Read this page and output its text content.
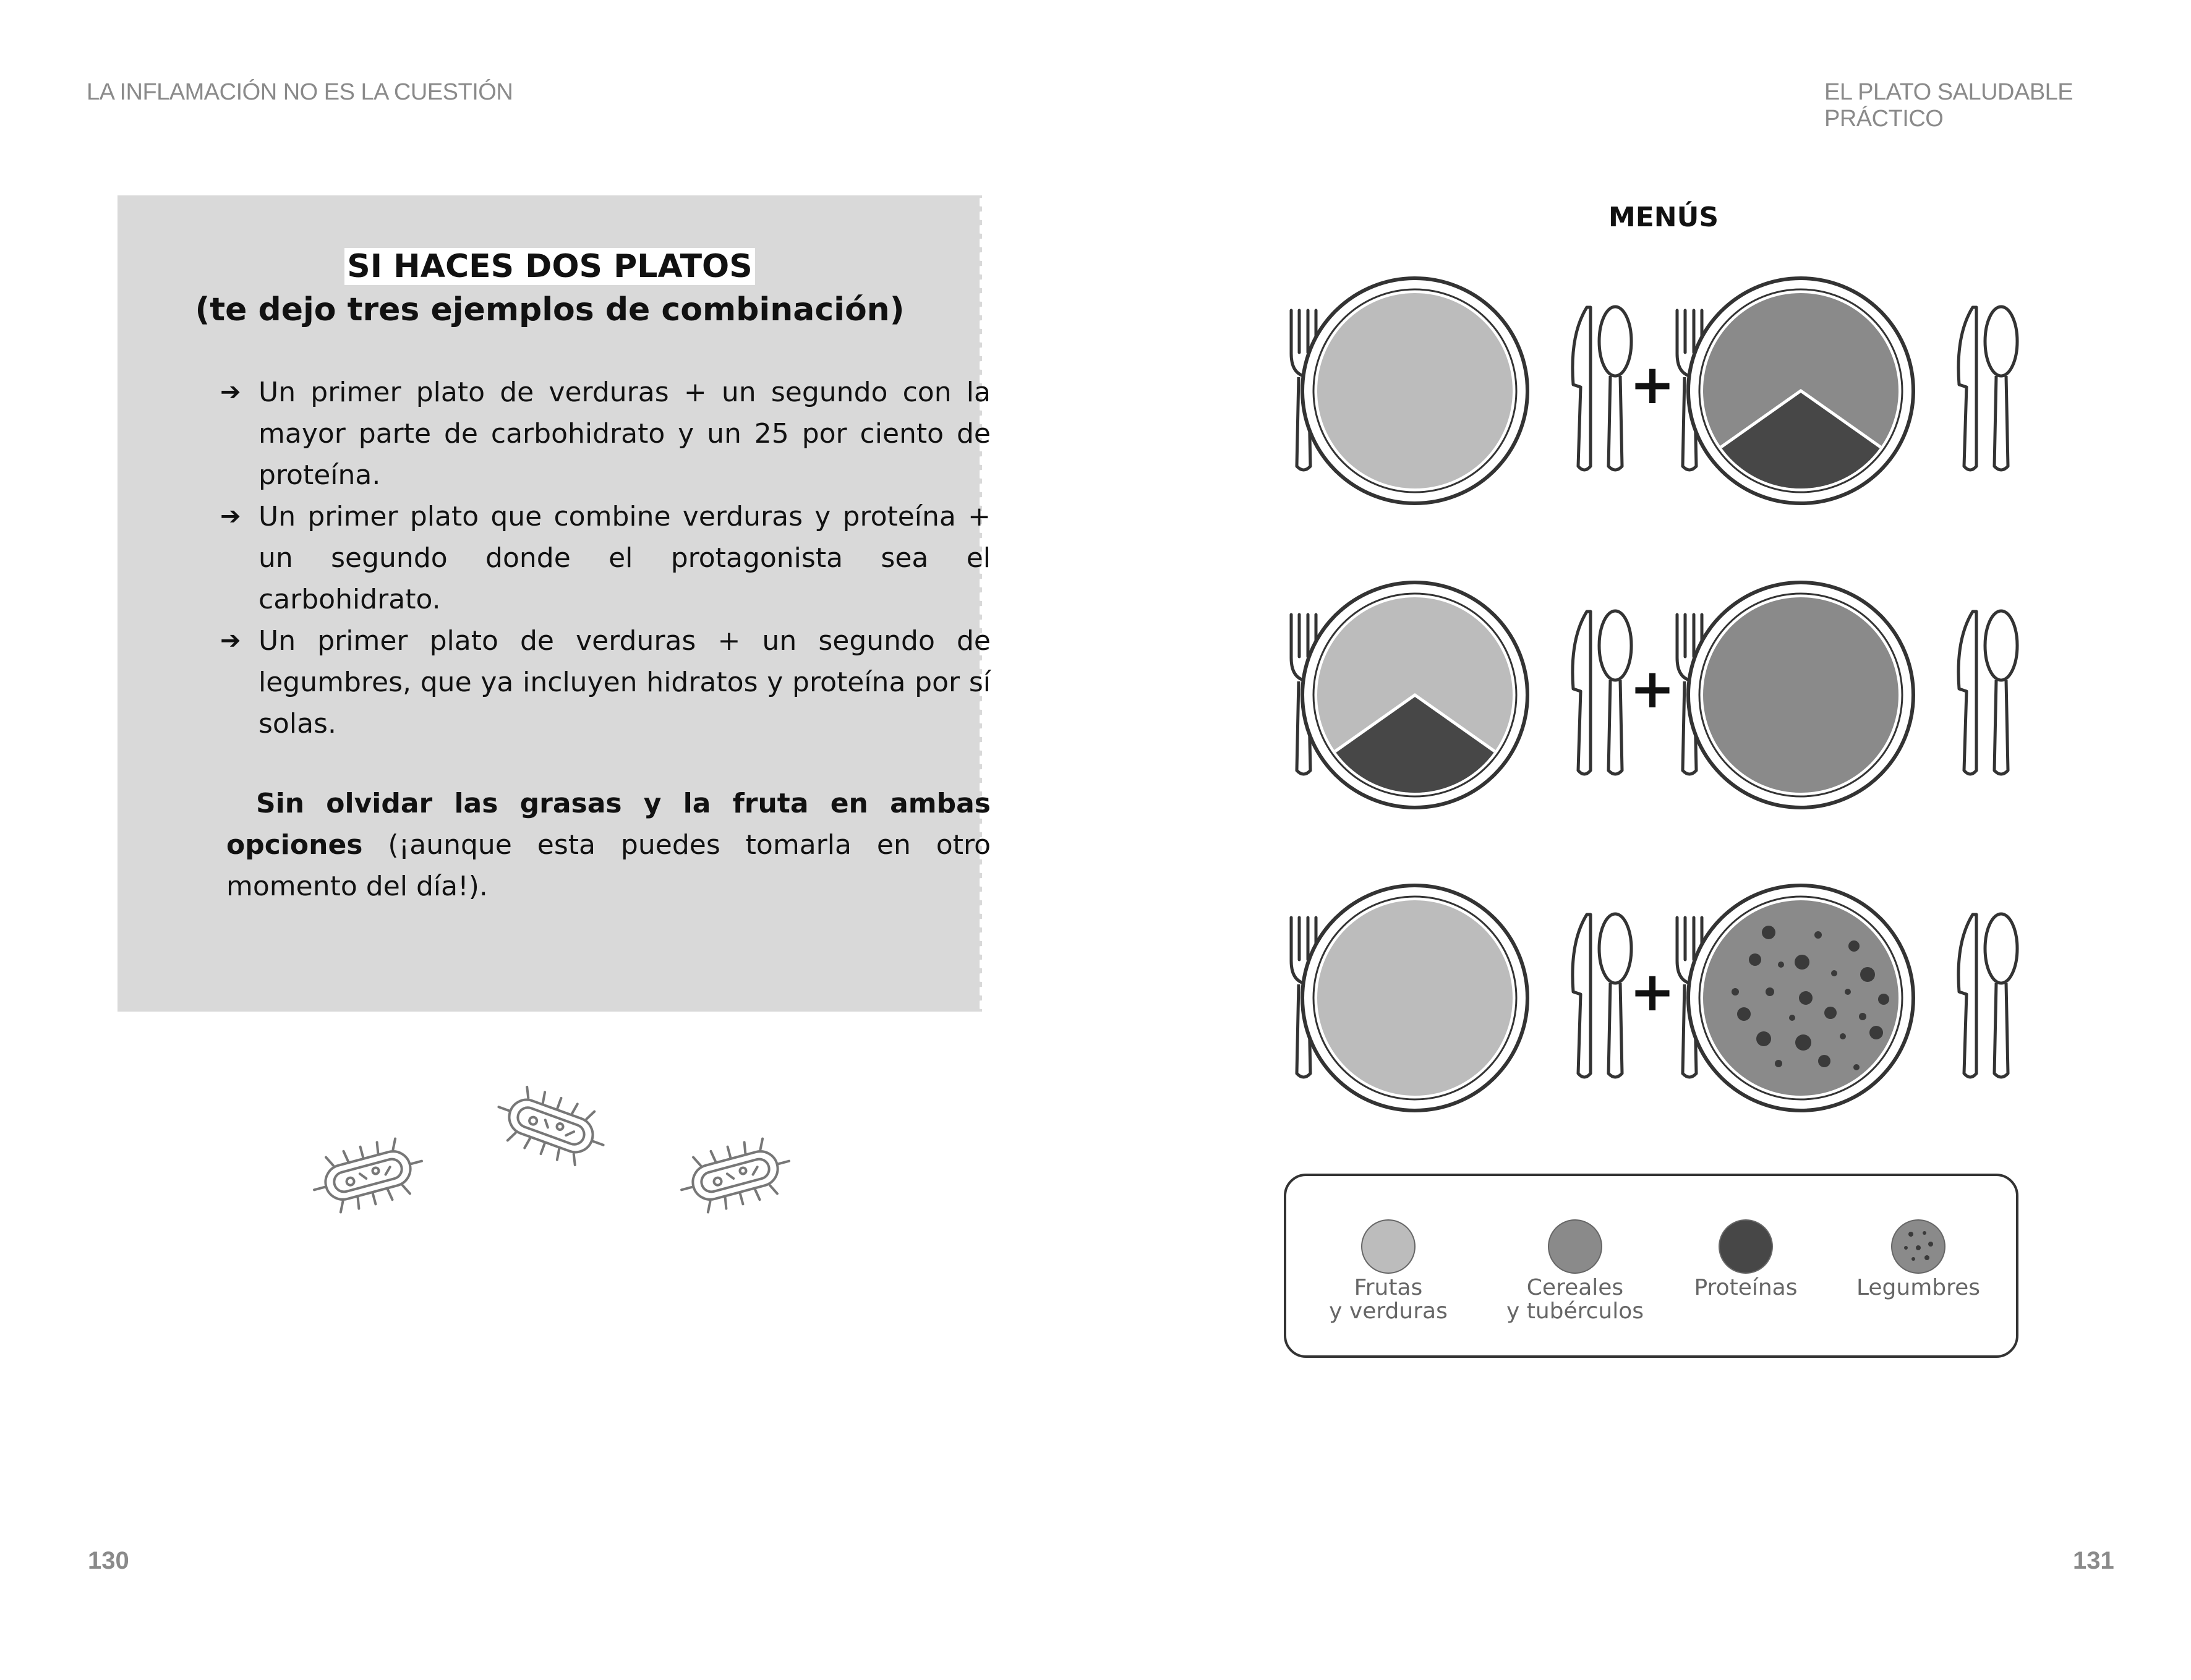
LA INFLAMACIÓN NO ES LA CUESTIÓN	EL PLATO SALUDABLE PRÁCTICO
SI HACES DOS PLATOS
(te dejo tres ejemplos de combinación)
➔ Un primer plato de verduras + un segundo con la mayor parte de carbohidrato y un 25 por ciento de proteína.
➔ Un primer plato que combine verduras y proteína + un segundo donde el protagonista sea el carbohidrato.
➔ Un primer plato de verduras + un segundo de legumbres, que ya incluyen hidratos y proteína por sí solas.
Sin olvidar las grasas y la fruta en ambas opciones (¡aunque esta puedes tomarla en otro momento del día!).
MENÚS
+
+
+
Frutas
y verduras
Cereales
y tubérculos
Proteínas	Legumbres
130	131
